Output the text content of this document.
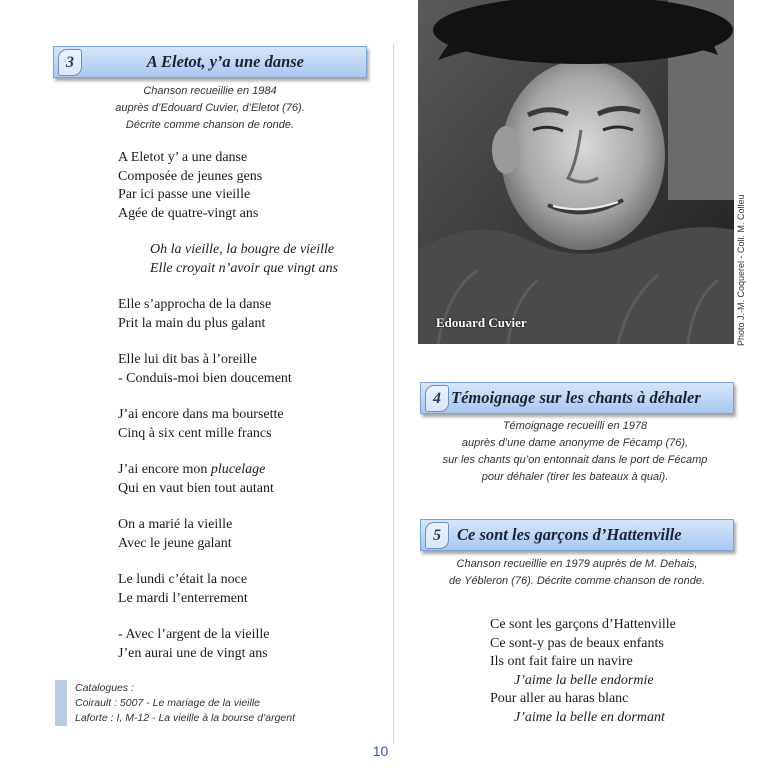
3	A Eletot, y’a une danse
Chanson recueillie en 1984
auprès d’Edouard Cuvier, d’Eletot (76).
Décrite comme chanson de ronde.

A Eletot y’ a une danse

Composée de jeunes gens

Par ici passe une vieille

Agée de quatre-vingt ans

Oh la vieille, la bougre de vieille

Elle croyait n’avoir que vingt ans

Elle s’approcha de la danse

Prit la main du plus galant

Elle lui dit bas à l’oreille

- Conduis-moi bien doucement

J’ai encore dans ma boursette

Cinq à six cent mille francs

J’ai encore mon plucelage

Qui en vaut bien tout autant

On a marié la vieille

Avec le jeune galant

Le lundi c’était la noce

Le mardi l’enterrement

- Avec l’argent de la vieille

J’en aurai une de vingt ans

Catalogues :
Coirault : 5007 - Le mariage de la vieille
Laforte : I, M-12 - La vieille à la bourse d’argent
Edouard Cuvier	Photo J.-M. Coquerel - Coll. M. Colleu
4 Témoignage sur les chants à déhaler
Témoignage recueilli en 1978
auprès d’une dame anonyme de Fécamp (76),
sur les chants qu’on entonnait dans le port de Fécamp
pour déhaler (tirer les bateaux à quai).
5 Ce sont les garçons d’Hattenville
Chanson recueillie en 1979 auprès de M. Dehais,
de Yébleron (76). Décrite comme chanson de ronde.

Ce sont les garçons d’Hattenville

Ce sont-y pas de beaux enfants

Ils ont fait faire un navire

J’aime la belle endormie

Pour aller au haras blanc

J’aime la belle en dormant

10
